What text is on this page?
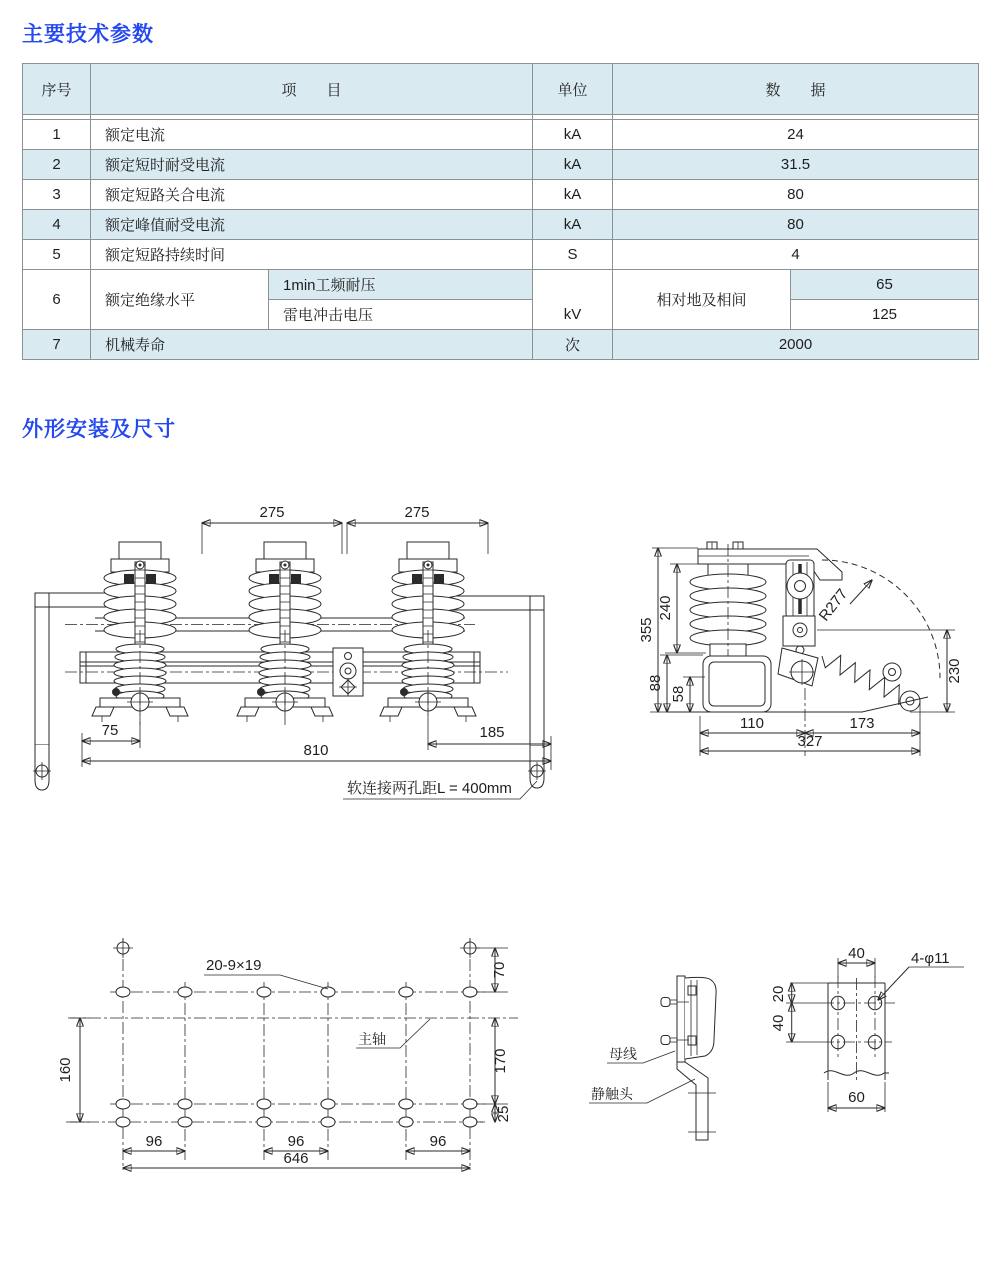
主要技术参数
序号	项　　目		单位	数　　据	

1	额定电流		kA	24	
2	额定短时耐受电流		kA	31.5	
3	额定短路关合电流		kA	80	
4	额定峰值耐受电流		kA	80	
5	额定短路持续时间		S	4	
6	额定绝缘水平	1min工频耐压	kV	相对地及相间	65
		雷电冲击电压			125
7	机械寿命		次	2000	
外形安装及尺寸
275	275
75	185
810
软连接两孔距L = 400mm
355
240
88
58
230
R277
110	173
327
20-9×19
主轴
70
170
25
160
96	96	96
646
母线
静触头
40	4-φ11
20
40
60
